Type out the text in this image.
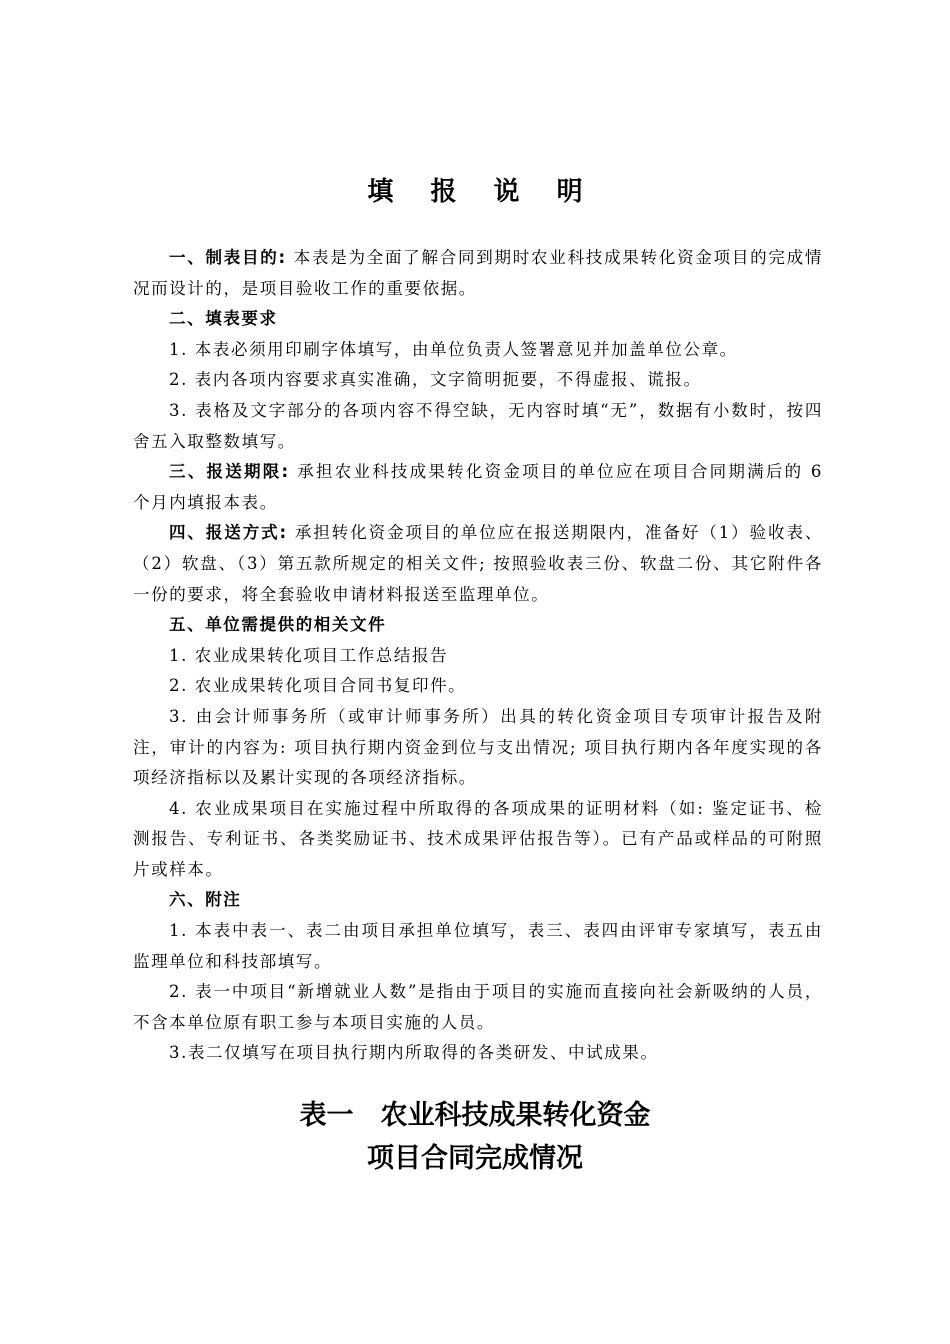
填 报 说 明

一、制表目的: 本表是为全面了解合同到期时农业科技成果转化资金项目的完成情况而设计的，是项目验收工作的重要依据。

二、填表要求

1. 本表必须用印刷字体填写，由单位负责人签署意见并加盖单位公章。

2. 表内各项内容要求真实准确，文字简明扼要，不得虚报、谎报。

3. 表格及文字部分的各项内容不得空缺，无内容时填“无”，数据有小数时，按四舍五入取整数填写。

三、报送期限: 承担农业科技成果转化资金项目的单位应在项目合同期满后的 6 个月内填报本表。

四、报送方式: 承担转化资金项目的单位应在报送期限内，准备好（1）验收表、（2）软盘、（3）第五款所规定的相关文件; 按照验收表三份、软盘二份、其它附件各一份的要求，将全套验收申请材料报送至监理单位。

五、单位需提供的相关文件

1. 农业成果转化项目工作总结报告

2. 农业成果转化项目合同书复印件。

3. 由会计师事务所（或审计师事务所）出具的转化资金项目专项审计报告及附注，审计的内容为: 项目执行期内资金到位与支出情况; 项目执行期内各年度实现的各项经济指标以及累计实现的各项经济指标。

4. 农业成果项目在实施过程中所取得的各项成果的证明材料（如: 鉴定证书、检测报告、专利证书、各类奖励证书、技术成果评估报告等）。已有产品或样品的可附照片或样本。

六、附注

1. 本表中表一、表二由项目承担单位填写，表三、表四由评审专家填写，表五由监理单位和科技部填写。

2. 表一中项目“新增就业人数”是指由于项目的实施而直接向社会新吸纳的人员，不含本单位原有职工参与本项目实施的人员。

3.表二仅填写在项目执行期内所取得的各类研发、中试成果。

表一　农业科技成果转化资金
项目合同完成情况
